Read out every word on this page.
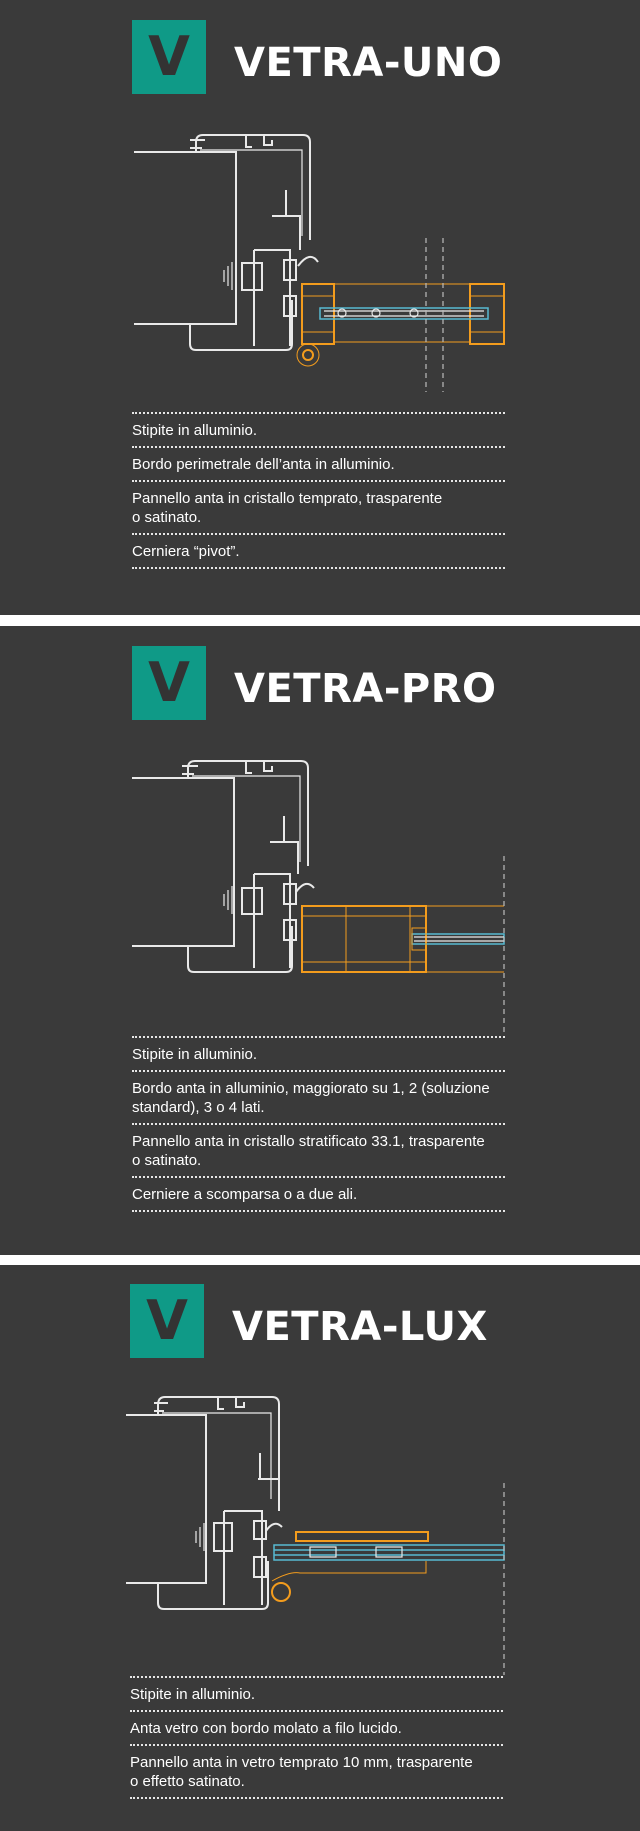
V	VETRA-UNO
Stipite in alluminio.
Bordo perimetrale dell’anta in alluminio.
Pannello anta in cristallo temprato, trasparente
o satinato.
Cerniera “pivot”.
V	VETRA-PRO
Stipite in alluminio.
Bordo anta in alluminio, maggiorato su 1, 2 (soluzione
standard), 3 o 4 lati.
Pannello anta in cristallo stratificato 33.1, trasparente
o satinato.
Cerniere a scomparsa o a due ali.
V	VETRA-LUX
Stipite in alluminio.
Anta vetro con bordo molato a filo lucido.
Pannello anta in vetro temprato 10 mm, trasparente
o effetto satinato.
